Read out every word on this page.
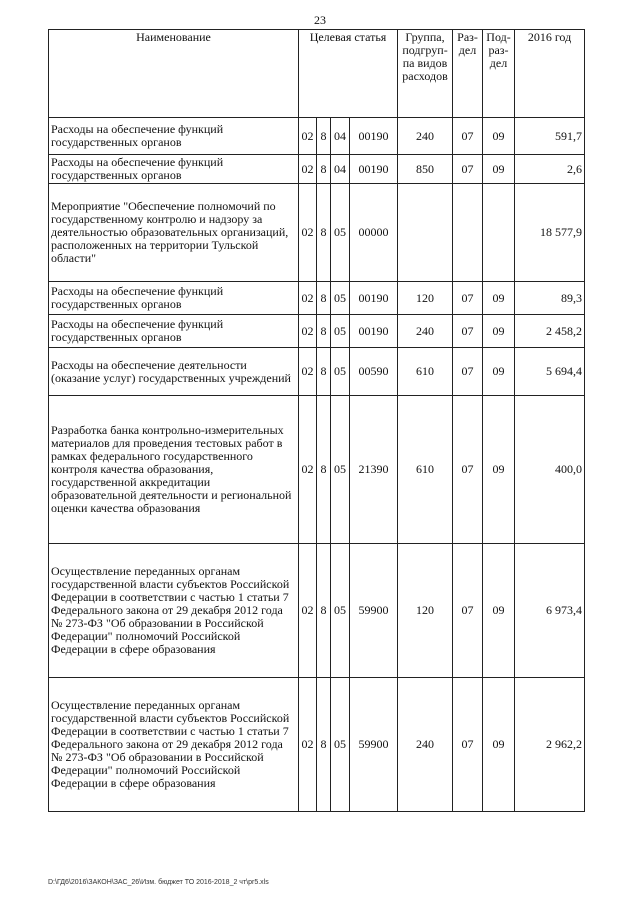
23
Наименование	Целевая статья				Группа, подгруп-па видов расходов	Раз-дел	Под-раз-дел	2016 год
Расходы на обеспечение функций государственных органов	02	8	04	00190	240	07	09	591,7
Расходы на обеспечение функций государственных органов	02	8	04	00190	850	07	09	2,6
Мероприятие "Обеспечение полномочий по государственному контролю и надзору за деятельностью образовательных организаций, расположенных на территории Тульской области"	02	8	05	00000				18 577,9
Расходы на обеспечение функций государственных органов	02	8	05	00190	120	07	09	89,3
Расходы на обеспечение функций государственных органов	02	8	05	00190	240	07	09	2 458,2
Расходы на обеспечение деятельности (оказание услуг) государственных учреждений	02	8	05	00590	610	07	09	5 694,4
Разработка банка контрольно-измерительных материалов для проведения тестовых работ в рамках федерального государственного контроля качества образования, государственной аккредитации образовательной деятельности и региональной оценки качества образования	02	8	05	21390	610	07	09	400,0
Осуществление переданных органам государственной власти субъектов Российской Федерации в соответствии с частью 1 статьи 7 Федерального закона от 29 декабря 2012 года № 273-ФЗ "Об образовании в Российской Федерации" полномочий Российской Федерации в сфере образования	02	8	05	59900	120	07	09	6 973,4
Осуществление переданных органам государственной власти субъектов Российской Федерации в соответствии с частью 1 статьи 7 Федерального закона от 29 декабря 2012 года № 273-ФЗ "Об образовании в Российской Федерации" полномочий Российской Федерации в сфере образования	02	8	05	59900	240	07	09	2 962,2
D:\ГД6\2016\ЗАКОН\ЗАС_26\Изм. бюджет ТО 2016-2018_2 чт\pr5.xls
